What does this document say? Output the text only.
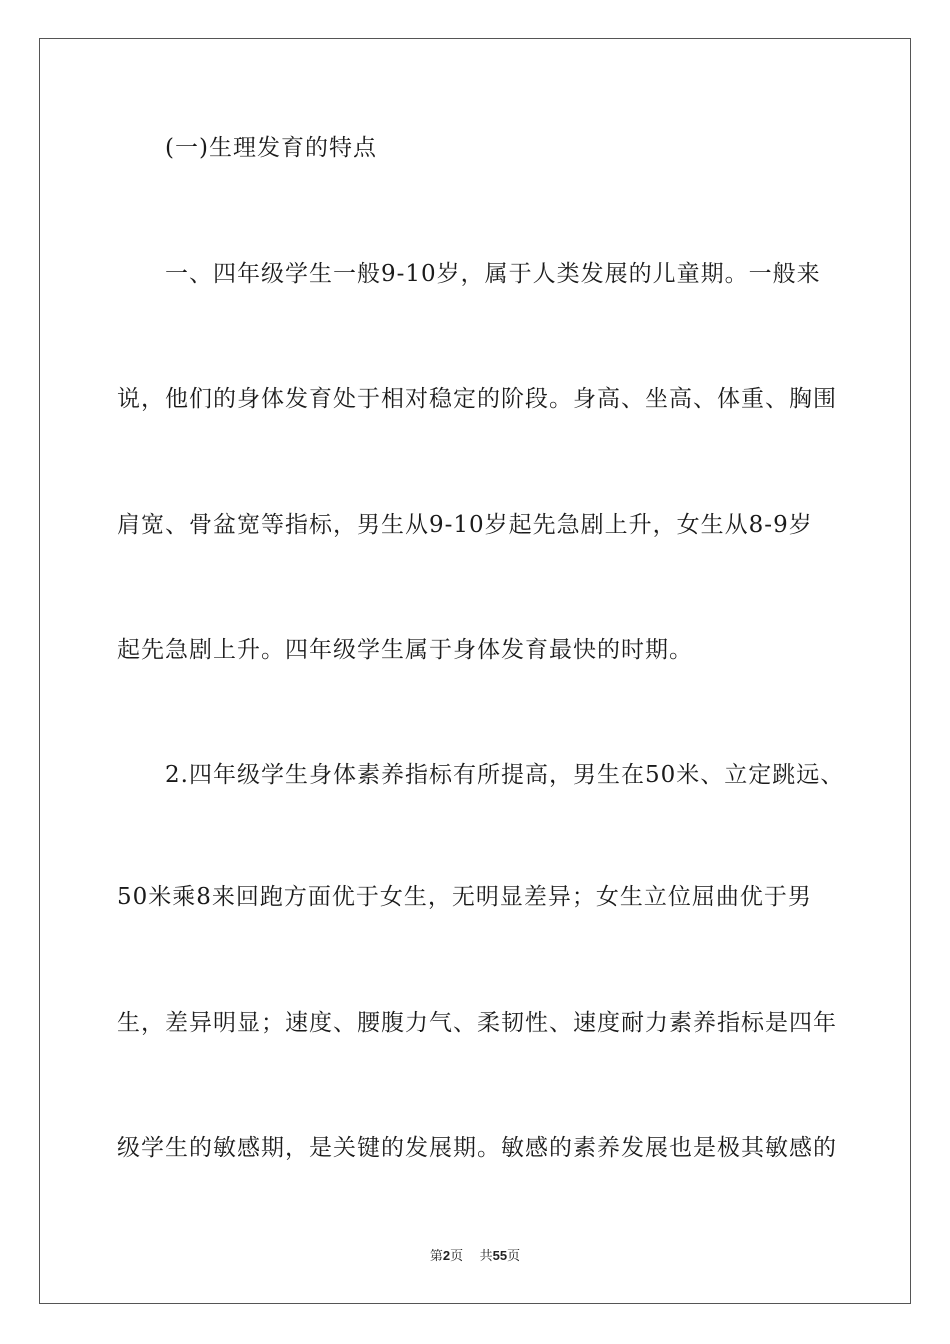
(一)生理发育的特点
一、四年级学生一般9-10岁，属于人类发展的儿童期。一般来
说，他们的身体发育处于相对稳定的阶段。身高、坐高、体重、胸围
肩宽、骨盆宽等指标，男生从9-10岁起先急剧上升，女生从8-9岁
起先急剧上升。四年级学生属于身体发育最快的时期。
2.四年级学生身体素养指标有所提高，男生在50米、立定跳远、
50米乘8来回跑方面优于女生，无明显差异；女生立位屈曲优于男
生，差异明显；速度、腰腹力气、柔韧性、速度耐力素养指标是四年
级学生的敏感期，是关键的发展期。敏感的素养发展也是极其敏感的
第2页 共55页
